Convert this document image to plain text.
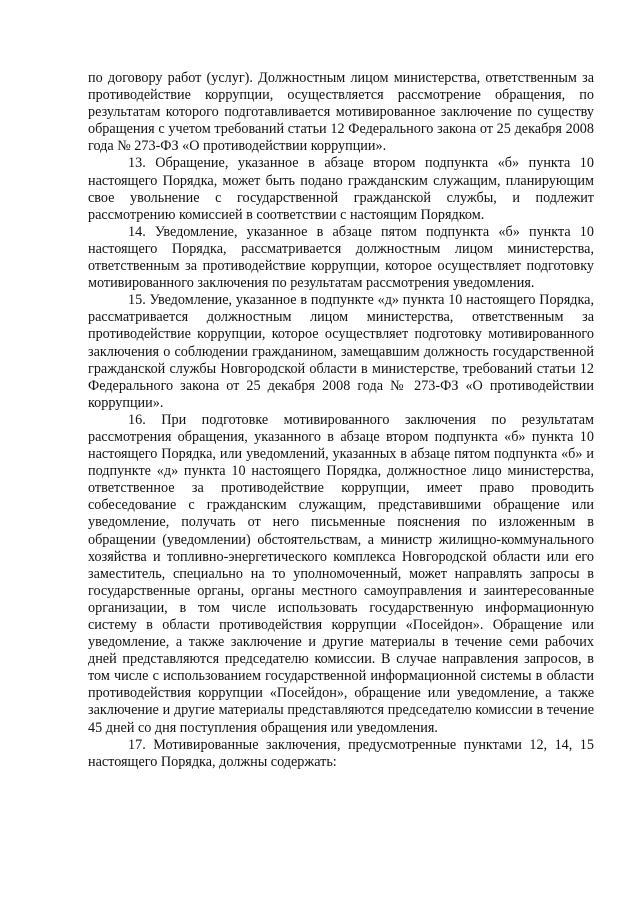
по договору работ (услуг). Должностным лицом министерства, ответственным за противодействие коррупции, осуществляется рассмотрение обращения, по результатам которого подготавливается мотивированное заключение по существу обращения с учетом требований статьи 12 Федерального закона от 25 декабря 2008 года № 273-ФЗ «О противодействии коррупции».

13. Обращение, указанное в абзаце втором подпункта «б» пункта 10 настоящего Порядка, может быть подано гражданским служащим, планирующим свое увольнение с государственной гражданской службы, и подлежит рассмотрению комиссией в соответствии с настоящим Порядком.

14. Уведомление, указанное в абзаце пятом подпункта «б» пункта 10 настоящего Порядка, рассматривается должностным лицом министерства, ответственным за противодействие коррупции, которое осуществляет подготовку мотивированного заключения по результатам рассмотрения уведомления.

15. Уведомление, указанное в подпункте «д» пункта 10 настоящего Порядка, рассматривается должностным лицом министерства, ответственным за противодействие коррупции, которое осуществляет подготовку мотивированного заключения о соблюдении гражданином, замещавшим должность государственной гражданской службы Новгородской области в министерстве, требований статьи 12 Федерального закона от 25 декабря 2008 года № 273-ФЗ «О противодействии коррупции».

16. При подготовке мотивированного заключения по результатам рассмотрения обращения, указанного в абзаце втором подпункта «б» пункта 10 настоящего Порядка, или уведомлений, указанных в абзаце пятом подпункта «б» и подпункте «д» пункта 10 настоящего Порядка, должностное лицо министерства, ответственное за противодействие коррупции, имеет право проводить собеседование с гражданским служащим, представившими обращение или уведомление, получать от него письменные пояснения по изложенным в обращении (уведомлении) обстоятельствам, а министр жилищно-коммунального хозяйства и топливно-энергетического комплекса Новгородской области или его заместитель, специально на то уполномоченный, может направлять запросы в государственные органы, органы местного самоуправления и заинтересованные организации, в том числе использовать государственную информационную систему в области противодействия коррупции «Посейдон». Обращение или уведомление, а также заключение и другие материалы в течение семи рабочих дней представляются председателю комиссии. В случае направления запросов, в том числе с использованием государственной информационной системы в области противодействия коррупции «Посейдон», обращение или уведомление, а также заключение и другие материалы представляются председателю комиссии в течение 45 дней со дня поступления обращения или уведомления.

17. Мотивированные заключения, предусмотренные пунктами 12, 14, 15 настоящего Порядка, должны содержать:
